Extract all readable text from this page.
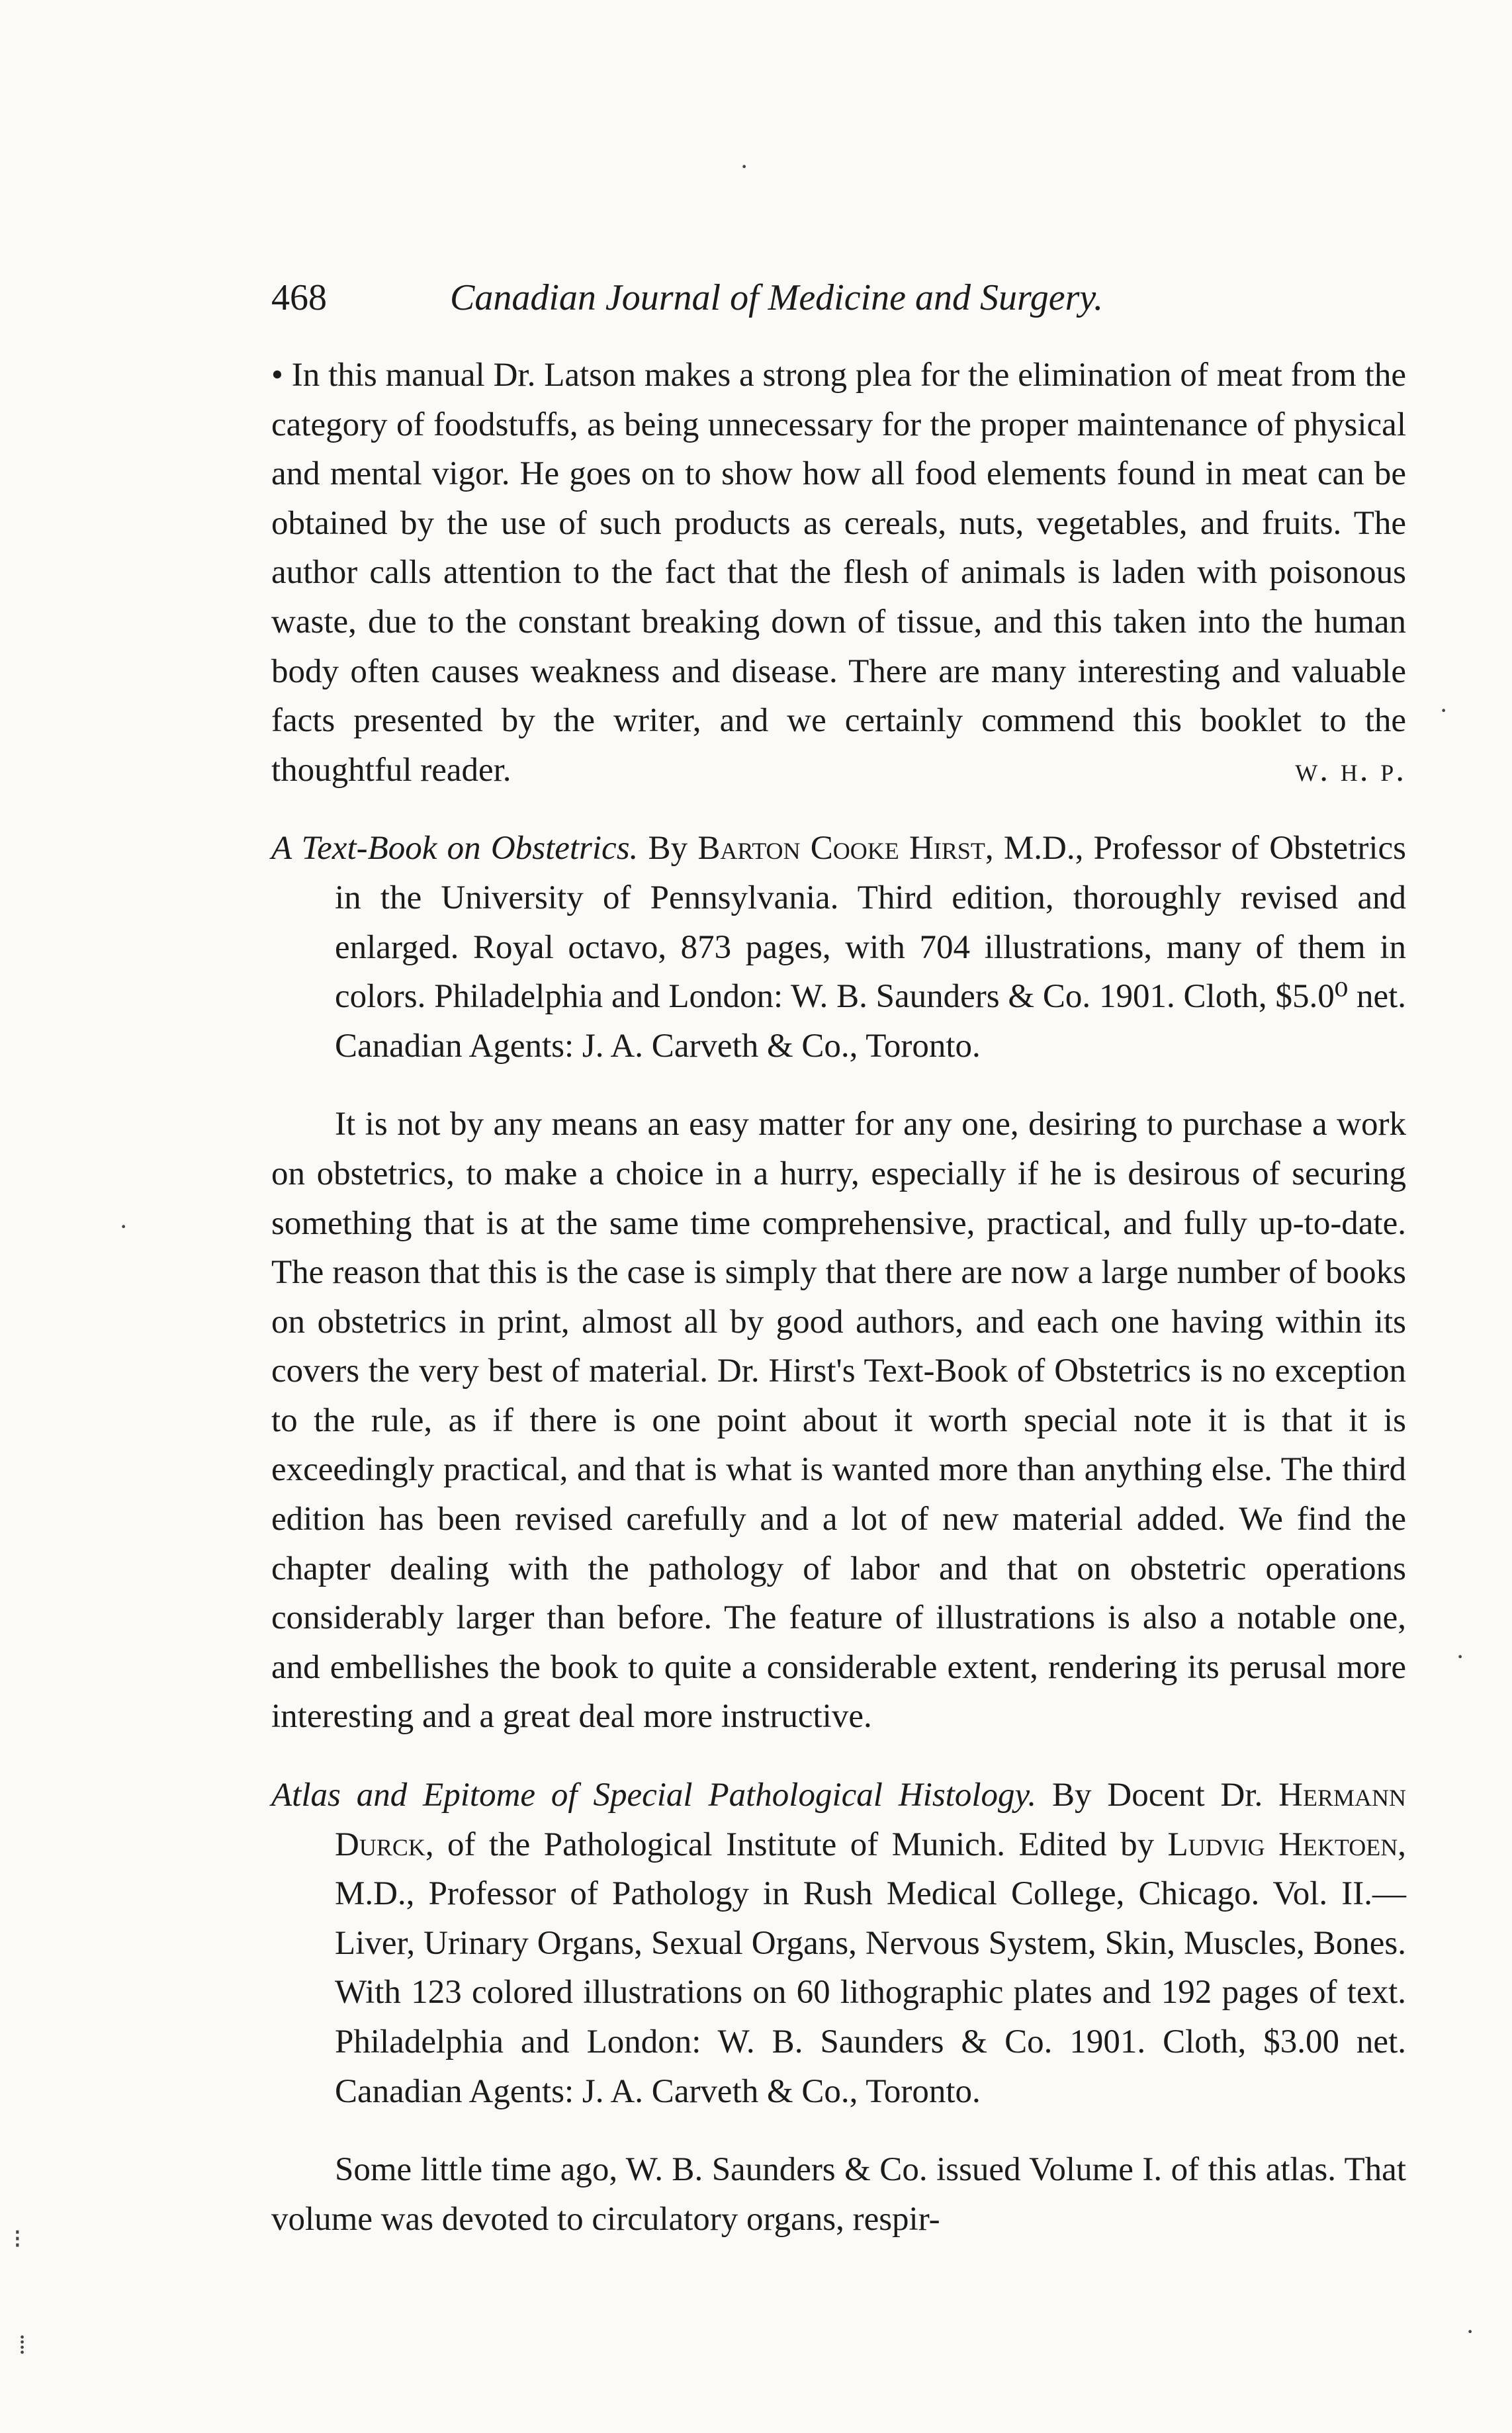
468	Canadian Journal of Medicine and Surgery.

• In this manual Dr. Latson makes a strong plea for the elimination of meat from the category of foodstuffs, as being unnecessary for the proper maintenance of physical and mental vigor. He goes on to show how all food elements found in meat can be obtained by the use of such products as cereals, nuts, vegetables, and fruits. The author calls attention to the fact that the flesh of animals is laden with poisonous waste, due to the constant breaking down of tissue, and this taken into the human body often causes weakness and disease. There are many interesting and valuable facts presented by the writer, and we certainly commend this booklet to the thoughtful reader.	w. h. p.

A Text-Book on Obstetrics. By Barton Cooke Hirst, M.D., Professor of Obstetrics in the University of Pennsylvania. Third edition, thoroughly revised and enlarged. Royal octavo, 873 pages, with 704 illustrations, many of them in colors. Philadelphia and London: W. B. Saunders & Co. 1901. Cloth, $5.0⁰ net. Canadian Agents: J. A. Carveth & Co., Toronto.

It is not by any means an easy matter for any one, desiring to purchase a work on obstetrics, to make a choice in a hurry, especially if he is desirous of securing something that is at the same time comprehensive, practical, and fully up-to-date. The reason that this is the case is simply that there are now a large number of books on obstetrics in print, almost all by good authors, and each one having within its covers the very best of material. Dr. Hirst's Text-Book of Obstetrics is no exception to the rule, as if there is one point about it worth special note it is that it is exceedingly practical, and that is what is wanted more than anything else. The third edition has been revised carefully and a lot of new material added. We find the chapter dealing with the pathology of labor and that on obstetric operations considerably larger than before. The feature of illustrations is also a notable one, and embellishes the book to quite a considerable extent, rendering its perusal more interesting and a great deal more instructive.

Atlas and Epitome of Special Pathological Histology. By Docent Dr. Hermann Durck, of the Pathological Institute of Munich. Edited by Ludvig Hektoen, M.D., Professor of Pathology in Rush Medical College, Chicago. Vol. II.—Liver, Urinary Organs, Sexual Organs, Nervous System, Skin, Muscles, Bones. With 123 colored illustrations on 60 lithographic plates and 192 pages of text. Philadelphia and London: W. B. Saunders & Co. 1901. Cloth, $3.00 net. Canadian Agents: J. A. Carveth & Co., Toronto.

Some little time ago, W. B. Saunders & Co. issued Volume I. of this atlas. That volume was devoted to circulatory organs, respir-

·
·
·
·
⁝
⁞	·
